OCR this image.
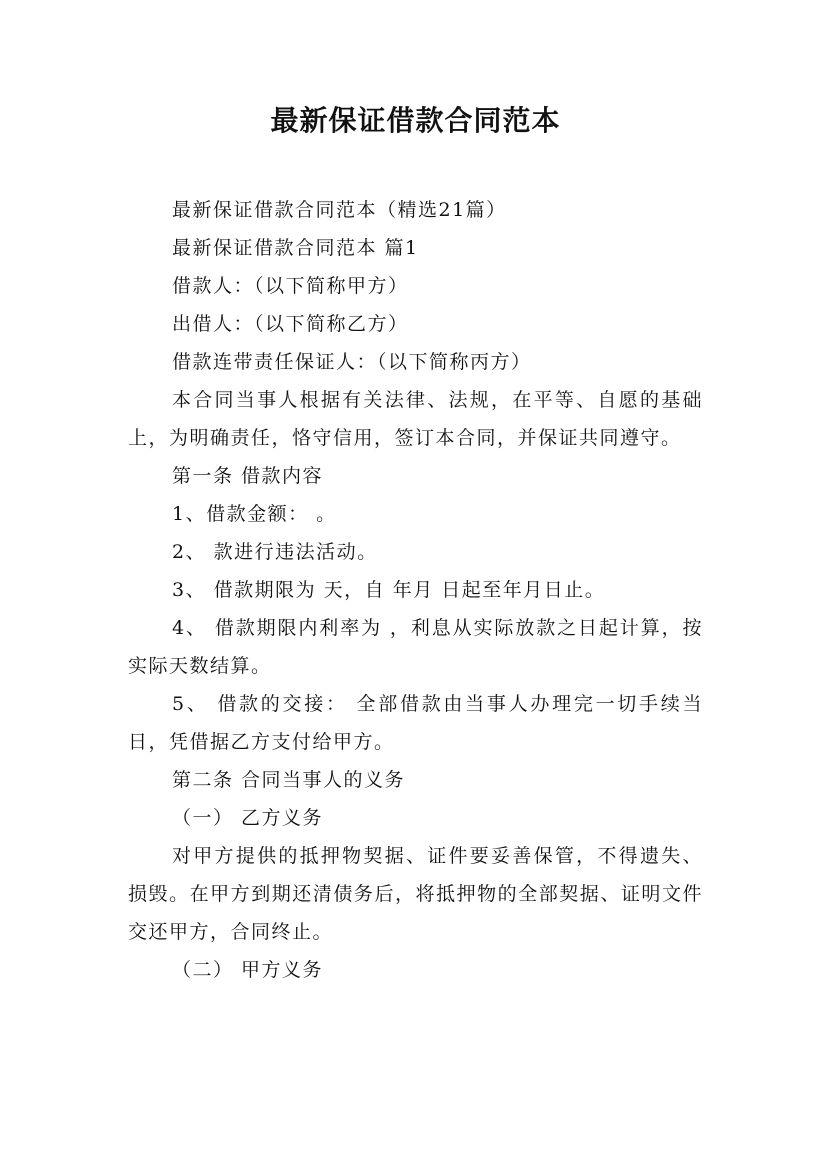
最新保证借款合同范本

最新保证借款合同范本（精选21篇）

最新保证借款合同范本 篇1

借款人：（以下简称甲方）

出借人：（以下简称乙方）

借款连带责任保证人：（以下简称丙方）

本合同当事人根据有关法律、法规，在平等、自愿的基础上，为明确责任，恪守信用，签订本合同，并保证共同遵守。

第一条 借款内容

1、借款金额： 。

2、 款进行违法活动。

3、 借款期限为 天，自 年月 日起至年月日止。

4、 借款期限内利率为 ，利息从实际放款之日起计算，按实际天数结算。

5、 借款的交接： 全部借款由当事人办理完一切手续当日，凭借据乙方支付给甲方。

第二条 合同当事人的义务

（一） 乙方义务

对甲方提供的抵押物契据、证件要妥善保管，不得遗失、损毁。在甲方到期还清债务后，将抵押物的全部契据、证明文件交还甲方，合同终止。

（二） 甲方义务
